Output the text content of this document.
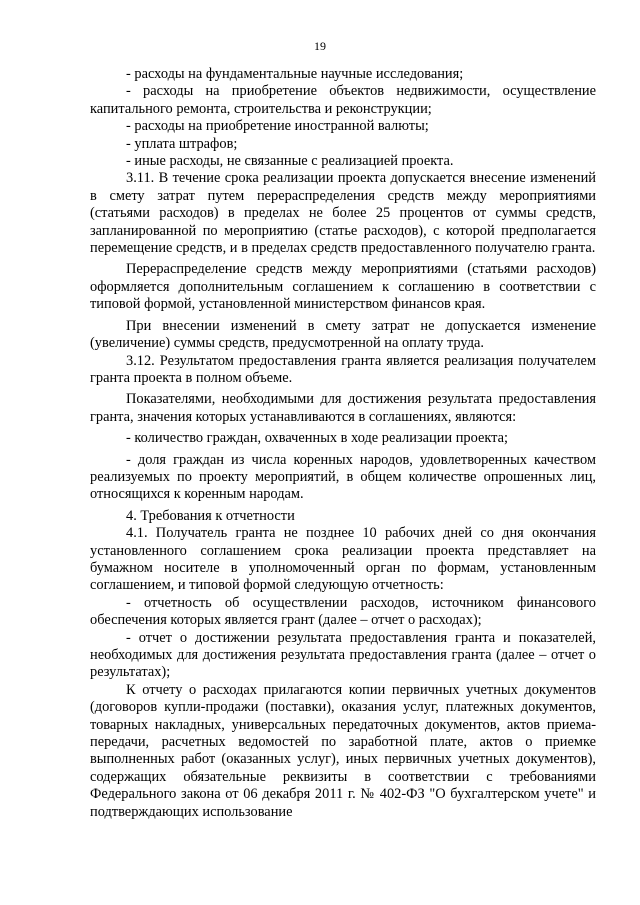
19

- расходы на фундаментальные научные исследования;

- расходы на приобретение объектов недвижимости, осуществление капитального ремонта, строительства и реконструкции;

- расходы на приобретение иностранной валюты;

- уплата штрафов;

- иные расходы, не связанные с реализацией проекта.

3.11. В течение срока реализации проекта допускается внесение изменений в смету затрат путем перераспределения средств между мероприятиями (статьями расходов) в пределах не более 25 процентов от суммы средств, запланированной по мероприятию (статье расходов), с которой предполагается перемещение средств, и в пределах средств предоставленного получателю гранта.

Перераспределение средств между мероприятиями (статьями расходов) оформляется дополнительным соглашением к соглашению в соответствии с типовой формой, установленной министерством финансов края.

При внесении изменений в смету затрат не допускается изменение (увеличение) суммы средств, предусмотренной на оплату труда.

3.12. Результатом предоставления гранта является реализация получателем гранта проекта в полном объеме.

Показателями, необходимыми для достижения результата предоставления гранта, значения которых устанавливаются в соглашениях, являются:

- количество граждан, охваченных в ходе реализации проекта;

- доля граждан из числа коренных народов, удовлетворенных качеством реализуемых по проекту мероприятий, в общем количестве опрошенных лиц, относящихся к коренным народам.

4. Требования к отчетности

4.1. Получатель гранта не позднее 10 рабочих дней со дня окончания установленного соглашением срока реализации проекта представляет на бумажном носителе в уполномоченный орган по формам, установленным соглашением, и типовой формой следующую отчетность:

- отчетность об осуществлении расходов, источником финансового обеспечения которых является грант (далее – отчет о расходах);

- отчет о достижении результата предоставления гранта и показателей, необходимых для достижения результата предоставления гранта (далее – отчет о результатах);

К отчету о расходах прилагаются копии первичных учетных документов (договоров купли-продажи (поставки), оказания услуг, платежных документов, товарных накладных, универсальных передаточных документов, актов приема-передачи, расчетных ведомостей по заработной плате, актов о приемке выполненных работ (оказанных услуг), иных первичных учетных документов), содержащих обязательные реквизиты в соответствии с требованиями Федерального закона от 06 декабря 2011 г. № 402-ФЗ "О бухгалтерском учете" и подтверждающих использование
